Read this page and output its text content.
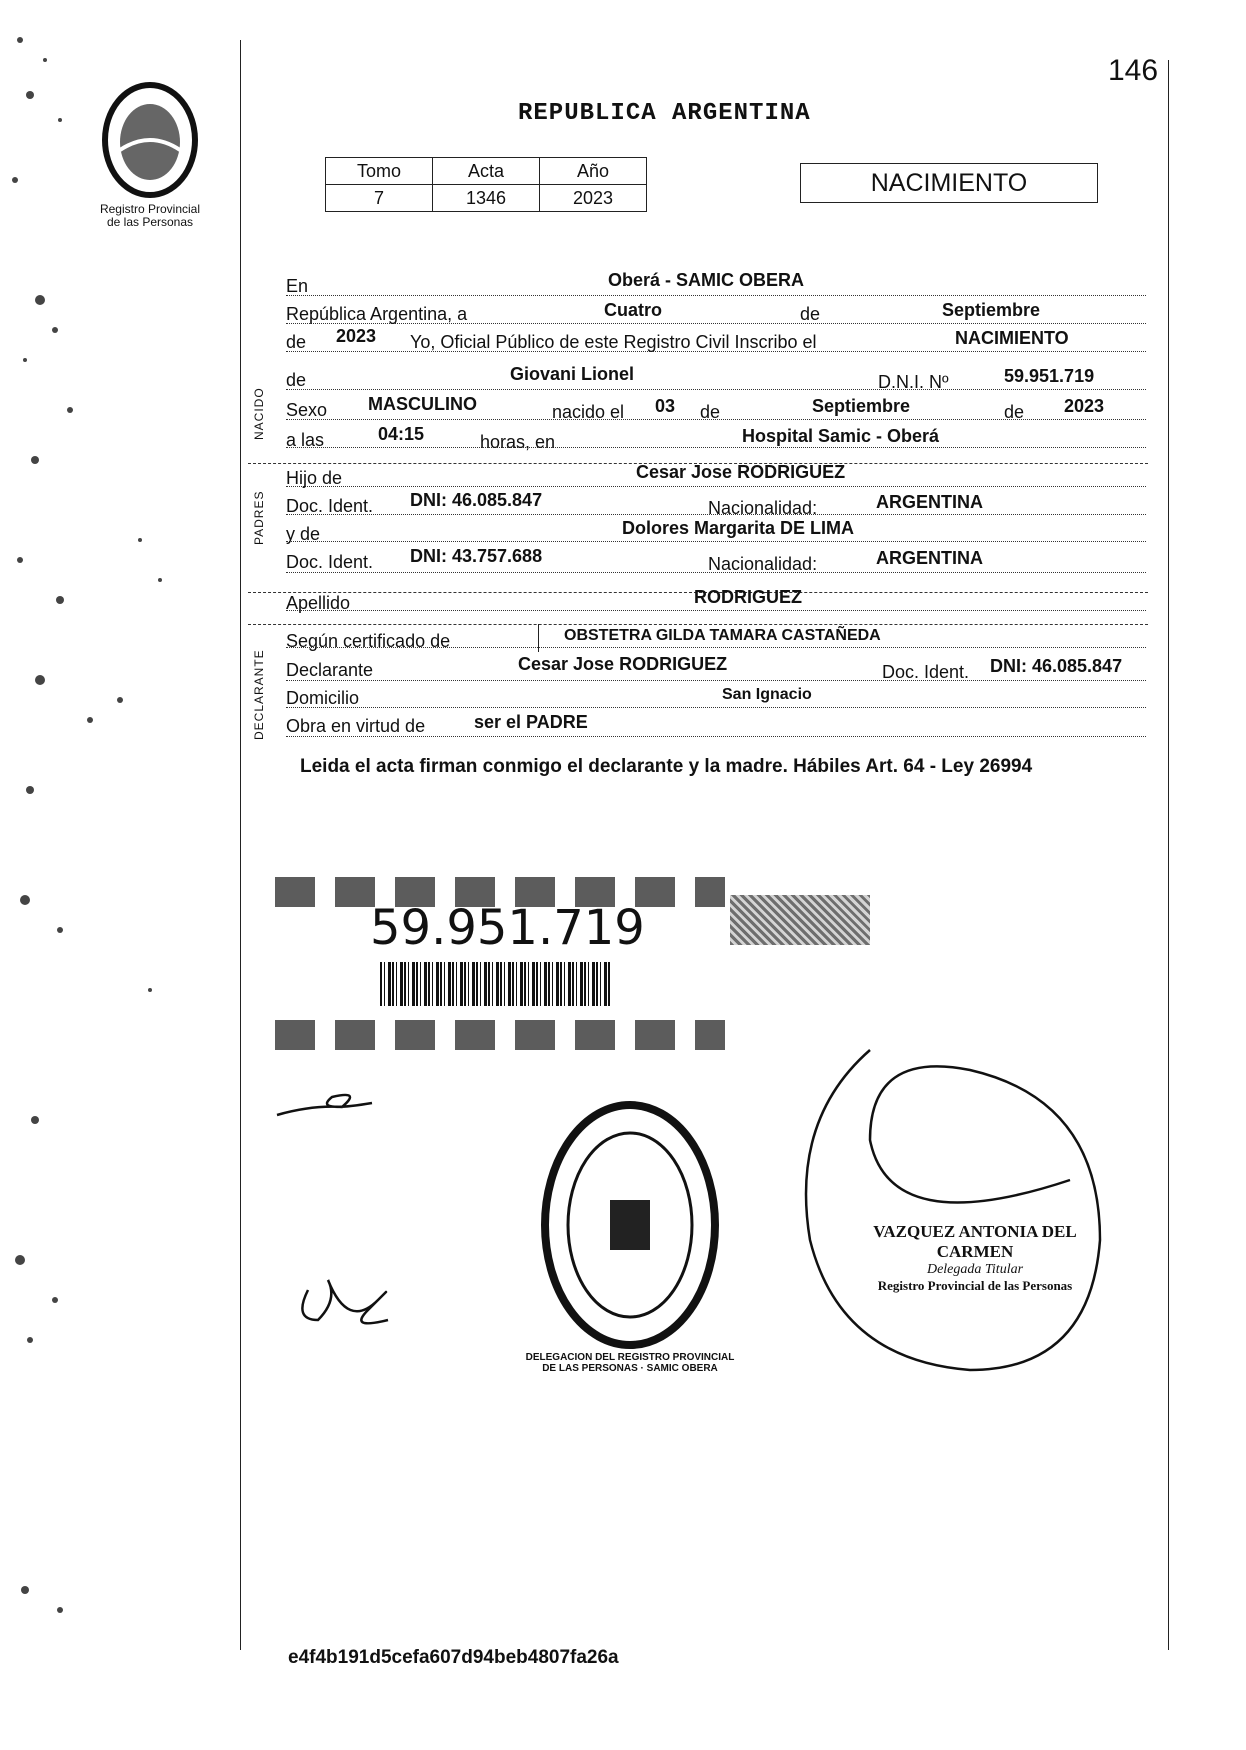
146
Registro Provincial
de las Personas
REPUBLICA ARGENTINA
Tomo	Acta	Año
7	1346	2023
NACIMIENTO
NACIDO
PADRES
DECLARANTE
En	Oberá - SAMIC OBERA
República Argentina, a	Cuatro	de	Septiembre
de 2023 Yo, Oficial Público de este Registro Civil Inscribo el	NACIMIENTO
de	Giovani Lionel	D.N.I. Nº	59.951.719
Sexo MASCULINO	nacido el 03 de	Septiembre	de 2023
a las	04:15	horas, en	Hospital Samic - Oberá
Hijo de	Cesar Jose RODRIGUEZ
Doc. Ident. DNI: 46.085.847	Nacionalidad:	ARGENTINA
y de	Dolores Margarita DE LIMA
Doc. Ident. DNI: 43.757.688	Nacionalidad:	ARGENTINA
Apellido	RODRIGUEZ
Según certificado de	OBSTETRA GILDA TAMARA CASTAÑEDA
Declarante	Cesar Jose RODRIGUEZ	Doc. Ident. DNI: 46.085.847
Domicilio	San Ignacio
Obra en virtud de	ser el PADRE
Leida el acta firman conmigo el declarante y la madre. Hábiles Art. 64 - Ley 26994
59.951.719
DELEGACION DEL REGISTRO PROVINCIAL DE LAS PERSONAS · SAMIC OBERA
VAZQUEZ ANTONIA DEL CARMEN
Delegada Titular
Registro Provincial de las Personas
e4f4b191d5cefa607d94beb4807fa26a
